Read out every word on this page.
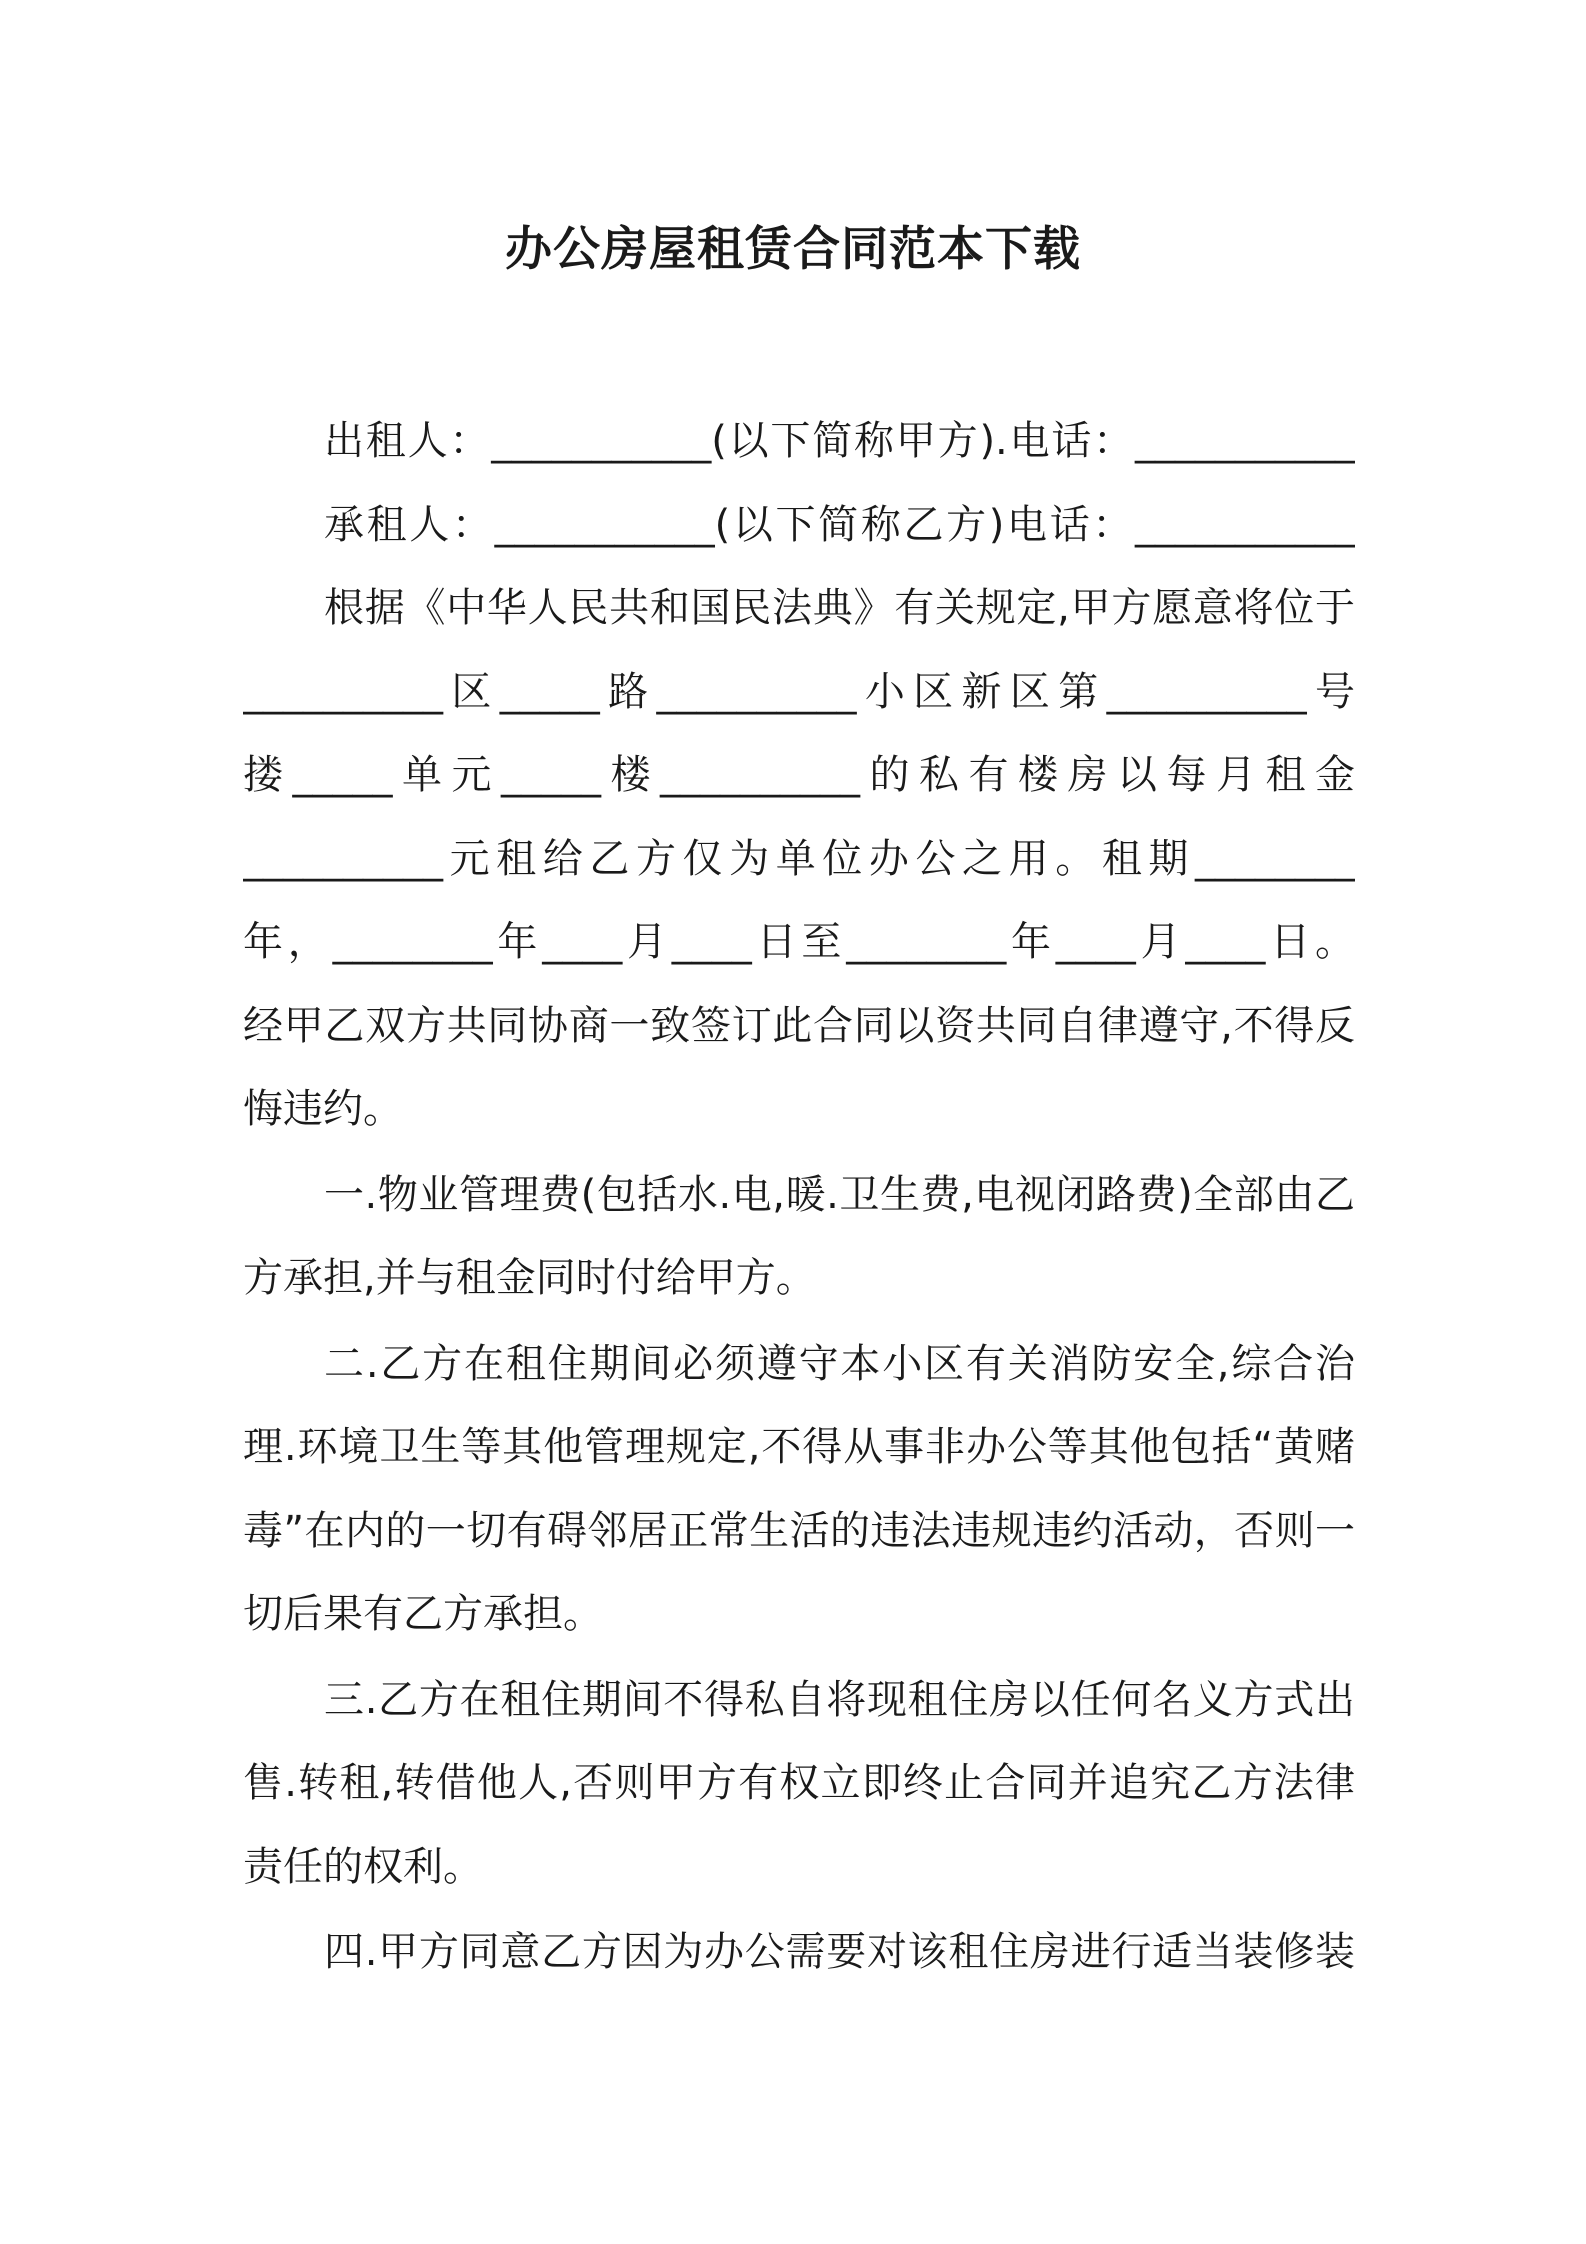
办公房屋租赁合同范本下载
出租人：___________(以下简称甲方).电话：___________
承租人：___________(以下简称乙方)电话：___________
根据《中华人民共和国民法典》有关规定,甲方愿意将位于
__________区_____路__________小区新区第__________号
搂_____单元_____楼__________的私有楼房以每月租金
__________元租给乙方仅为单位办公之用。租期________
年，________年____月____日至________年____月____日。
经甲乙双方共同协商一致签订此合同以资共同自律遵守,不得反
悔违约。
一.物业管理费(包括水.电,暖.卫生费,电视闭路费)全部由乙
方承担,并与租金同时付给甲方。
二.乙方在租住期间必须遵守本小区有关消防安全,综合治
理.环境卫生等其他管理规定,不得从事非办公等其他包括“黄赌
毒”在内的一切有碍邻居正常生活的违法违规违约活动，否则一
切后果有乙方承担。
三.乙方在租住期间不得私自将现租住房以任何名义方式出
售.转租,转借他人,否则甲方有权立即终止合同并追究乙方法律
责任的权利。
四.甲方同意乙方因为办公需要对该租住房进行适当装修装
